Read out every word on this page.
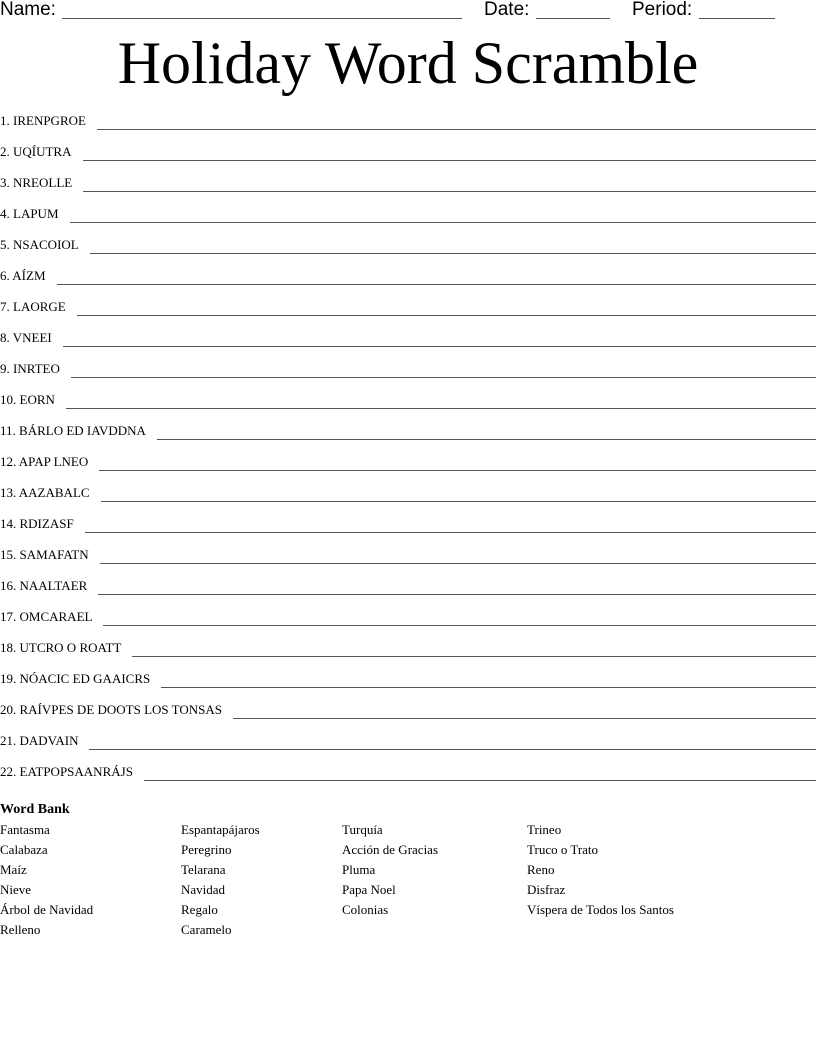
Name:	Date:	Period:
Holiday Word Scramble
1. IRENPGROE
2. UQÍUTRA
3. NREOLLE
4. LAPUM
5. NSACOIOL
6. AÍZM
7. LAORGE
8. VNEEI
9. INRTEO
10. EORN
11. BÁRLO ED IAVDDNA
12. APAP LNEO
13. AAZABALC
14. RDIZASF
15. SAMAFATN
16. NAALTAER
17. OMCARAEL
18. UTCRO O ROATT
19. NÓACIC ED GAAICRS
20. RAÍVPES DE DOOTS LOS TONSAS
21. DADVAIN
22. EATPOPSAANRÁJS
Word Bank
Fantasma
Calabaza
Maíz
Nieve
Árbol de Navidad
Relleno
Espantapájaros
Peregrino
Telarana
Navidad
Regalo
Caramelo
Turquía
Acción de Gracias
Pluma
Papa Noel
Colonias
Trineo
Truco o Trato
Reno
Disfraz
Víspera de Todos los Santos
